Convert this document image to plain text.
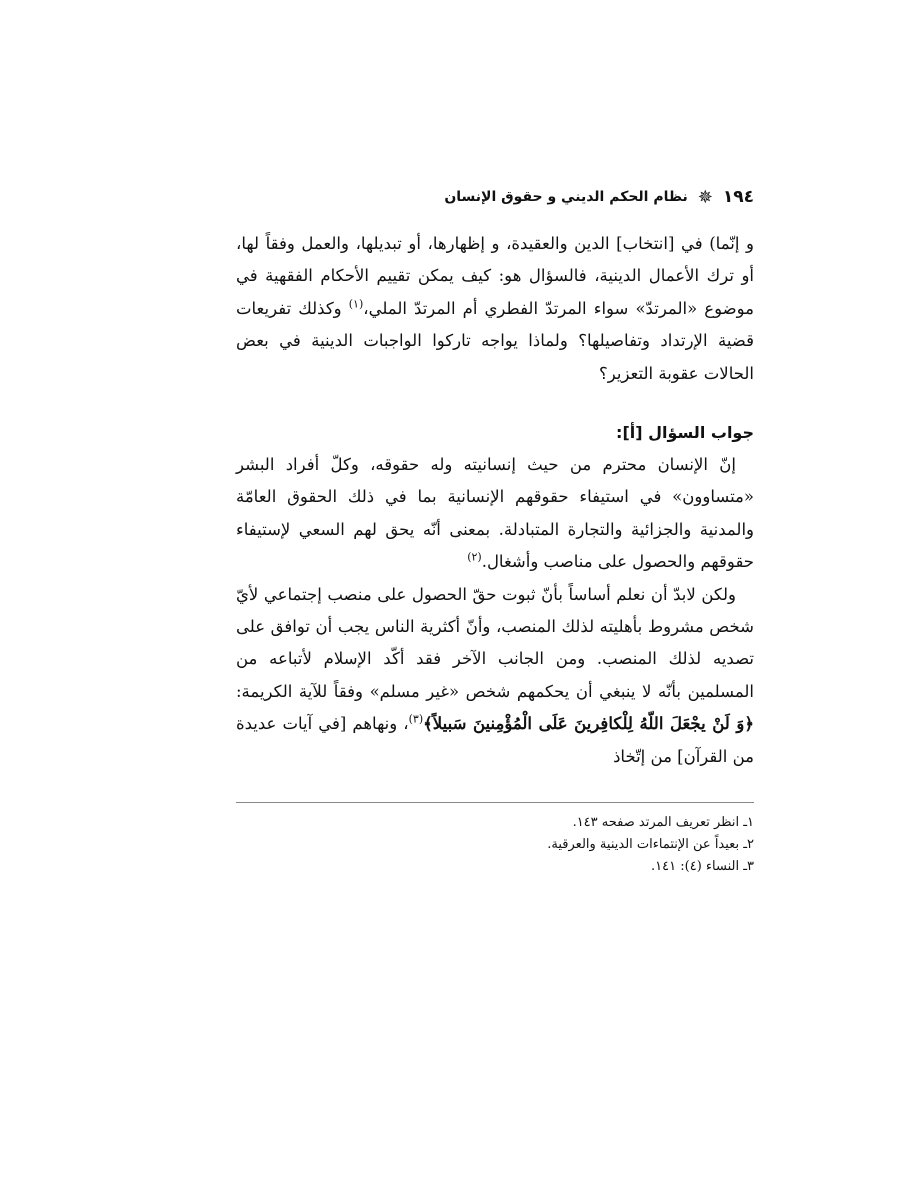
١٩٤
✵
نظام الحكم الديني و حقوق الإنسان

و إنّما) في [انتخاب] الدين والعقيدة، و إظهارها، أو تبديلها، والعمل وفقاً لها، أو ترك الأعمال الدينية، فالسؤال هو: كيف يمكن تقييم الأحكام الفقهية في موضوع «المرتدّ» سواء المرتدّ الفطري أم المرتدّ الملي،$^{(١)}$ وكذلك تفريعات قضية الإرتداد وتفاصيلها؟ ولماذا يواجه تاركوا الواجبات الدينية في بعض الحالات عقوبة التعزير؟

جواب السؤال [أ]:

إنّ الإنسان محترم من حيث إنسانيته وله حقوقه، وكلّ أفراد البشر «متساوون» في استيفاء حقوقهم الإنسانية بما في ذلك الحقوق العامّة والمدنية والجزائية والتجارة المتبادلة. بمعنى أنّه يحق لهم السعي لإستيفاء حقوقهم والحصول على مناصب وأشغال.$^{(٢)}$

ولكن لابدّ أن نعلم أساساً بأنّ ثبوت حقّ الحصول على منصب إجتماعي لأيّ شخص مشروط بأهليته لذلك المنصب، وأنّ أكثرية الناس يجب أن توافق على تصديه لذلك المنصب. ومن الجانب الآخر فقد أكّد الإسلام لأتباعه من المسلمين بأنّه لا ينبغي أن يحكمهم شخص «غير مسلم» وفقاً للآية الكريمة: ﴿وَ لَنْ يجْعَلَ اللّهُ لِلْكافِرينَ عَلَى الْمُؤْمِنينَ سَبيلاً﴾$^{(٣)}$، ونهاهم [في آيات عديدة من القرآن] من إتّخاذ

١ـ انظر تعريف المرتد صفحه ١٤٣.

٢ـ بعيداً عن الإنتماءات الدينية والعرقية.

٣ـ النساء (٤): ١٤١.
